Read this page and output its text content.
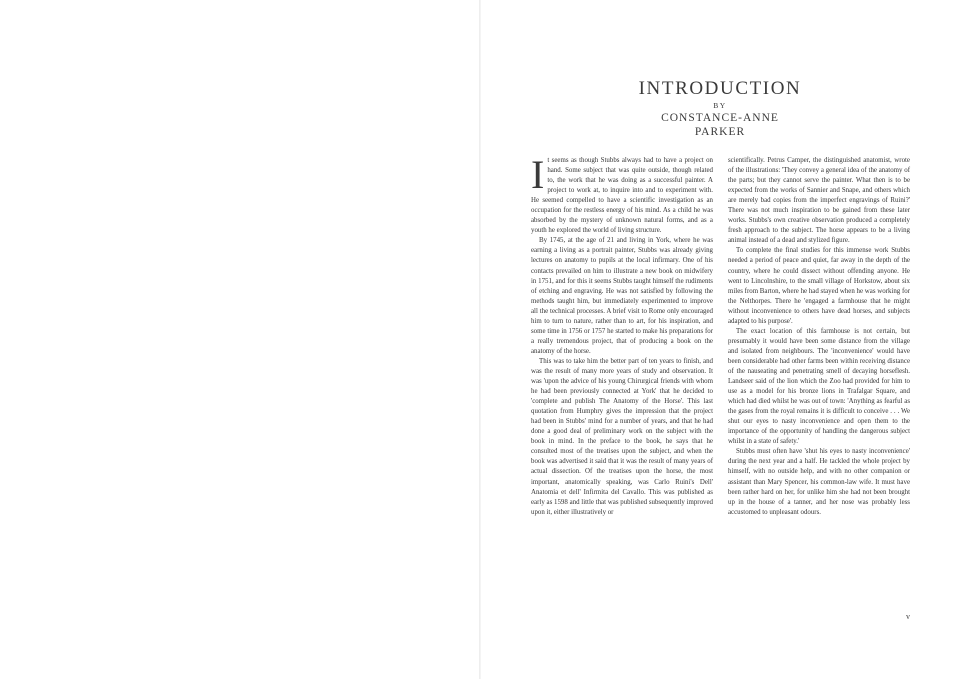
INTRODUCTION
BY
CONSTANCE-ANNE
PARKER

It seems as though Stubbs always had to have a project on hand. Some subject that was quite outside, though related to, the work that he was doing as a successful painter. A project to work at, to inquire into and to experiment with. He seemed compelled to have a scientific investigation as an occupation for the restless energy of his mind. As a child he was absorbed by the mystery of unknown natural forms, and as a youth he explored the world of living structure.

By 1745, at the age of 21 and living in York, where he was earning a living as a portrait painter, Stubbs was already giving lectures on anatomy to pupils at the local infirmary. One of his contacts prevailed on him to illustrate a new book on midwifery in 1751, and for this it seems Stubbs taught himself the rudiments of etching and engraving. He was not satisfied by following the methods taught him, but immediately experimented to improve all the technical processes. A brief visit to Rome only encouraged him to turn to nature, rather than to art, for his inspiration, and some time in 1756 or 1757 he started to make his preparations for a really tremendous project, that of producing a book on the anatomy of the horse.

This was to take him the better part of ten years to finish, and was the result of many more years of study and observation. It was 'upon the advice of his young Chirurgical friends with whom he had been previously connected at York' that he decided to 'complete and publish The Anatomy of the Horse'. This last quotation from Humphry gives the impression that the project had been in Stubbs' mind for a number of years, and that he had done a good deal of preliminary work on the subject with the book in mind. In the preface to the book, he says that he consulted most of the treatises upon the subject, and when the book was advertised it said that it was the result of many years of actual dissection. Of the treatises upon the horse, the most important, anatomically speaking, was Carlo Ruini's Dell' Anatomia et dell' Infirmita del Cavallo. This was published as early as 1598 and little that was published subsequently improved upon it, either illustratively or

scientifically. Petrus Camper, the distinguished anatomist, wrote of the illustrations: 'They convey a general idea of the anatomy of the parts; but they cannot serve the painter. What then is to be expected from the works of Sannier and Snape, and others which are merely bad copies from the imperfect engravings of Ruini?' There was not much inspiration to be gained from these later works. Stubbs's own creative observation produced a completely fresh approach to the subject. The horse appears to be a living animal instead of a dead and stylized figure.

To complete the final studies for this immense work Stubbs needed a period of peace and quiet, far away in the depth of the country, where he could dissect without offending anyone. He went to Lincolnshire, to the small village of Horkstow, about six miles from Barton, where he had stayed when he was working for the Nelthorpes. There he 'engaged a farmhouse that he might without inconvenience to others have dead horses, and subjects adapted to his purpose'.

The exact location of this farmhouse is not certain, but presumably it would have been some distance from the village and isolated from neighbours. The 'inconvenience' would have been considerable had other farms been within receiving distance of the nauseating and penetrating smell of decaying horseflesh. Landseer said of the lion which the Zoo had provided for him to use as a model for his bronze lions in Trafalgar Square, and which had died whilst he was out of town: 'Anything as fearful as the gases from the royal remains it is difficult to conceive . . . We shut our eyes to nasty inconvenience and open them to the importance of the opportunity of handling the dangerous subject whilst in a state of safety.'

Stubbs must often have 'shut his eyes to nasty inconvenience' during the next year and a half. He tackled the whole project by himself, with no outside help, and with no other companion or assistant than Mary Spencer, his common-law wife. It must have been rather hard on her, for unlike him she had not been brought up in the house of a tanner, and her nose was probably less accustomed to unpleasant odours.

v
